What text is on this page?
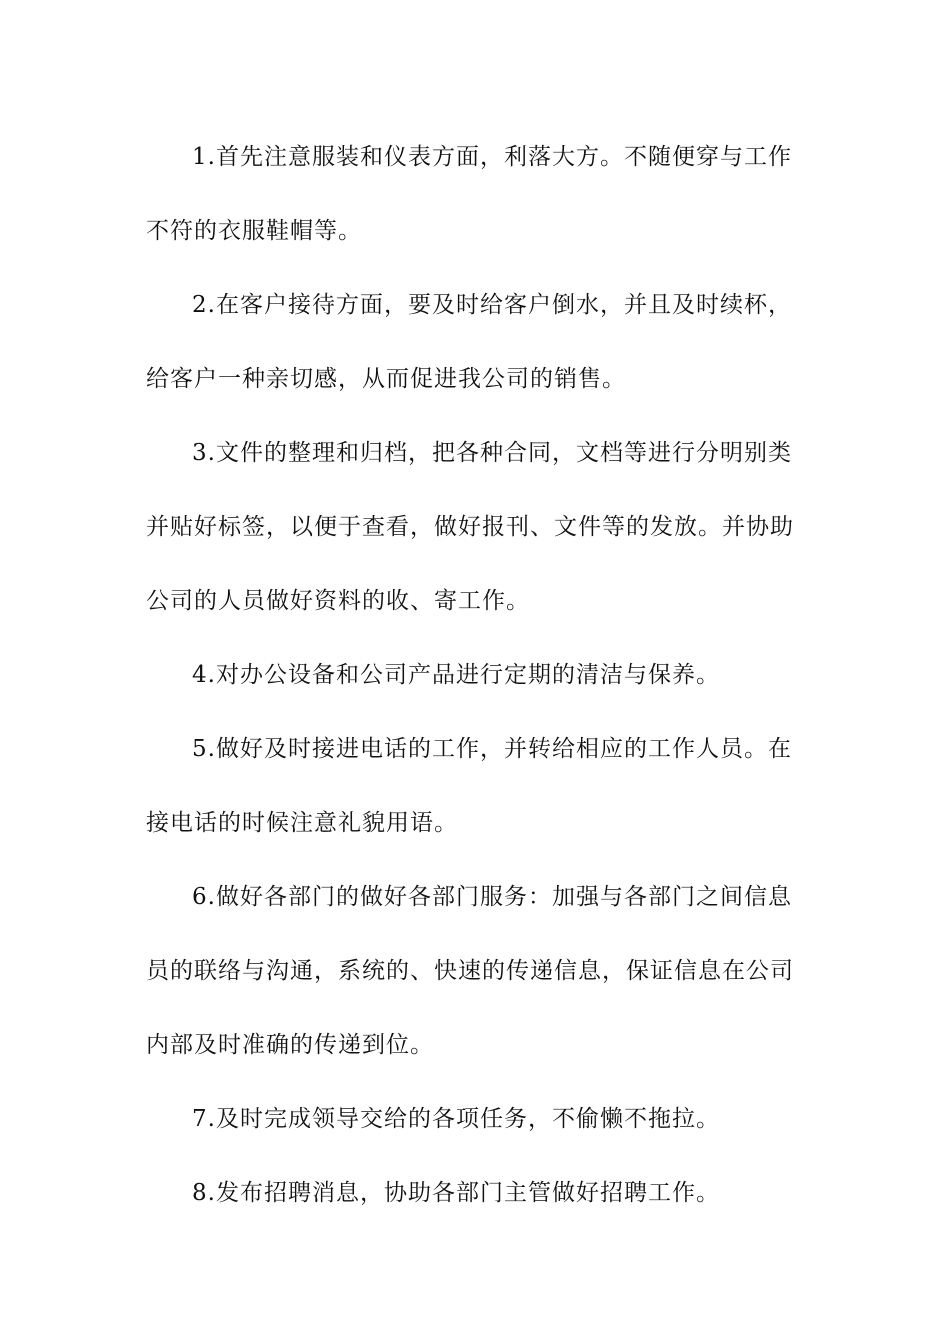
1.首先注意服装和仪表方面，利落大方。不随便穿与工作
不符的衣服鞋帽等。
2.在客户接待方面，要及时给客户倒水，并且及时续杯，
给客户一种亲切感，从而促进我公司的销售。
3.文件的整理和归档，把各种合同，文档等进行分明别类
并贴好标签，以便于查看，做好报刊、文件等的发放。并协助
公司的人员做好资料的收、寄工作。
4.对办公设备和公司产品进行定期的清洁与保养。
5.做好及时接进电话的工作，并转给相应的工作人员。在
接电话的时候注意礼貌用语。
6.做好各部门的做好各部门服务：加强与各部门之间信息
员的联络与沟通，系统的、快速的传递信息，保证信息在公司
内部及时准确的传递到位。
7.及时完成领导交给的各项任务，不偷懒不拖拉。
8.发布招聘消息，协助各部门主管做好招聘工作。
